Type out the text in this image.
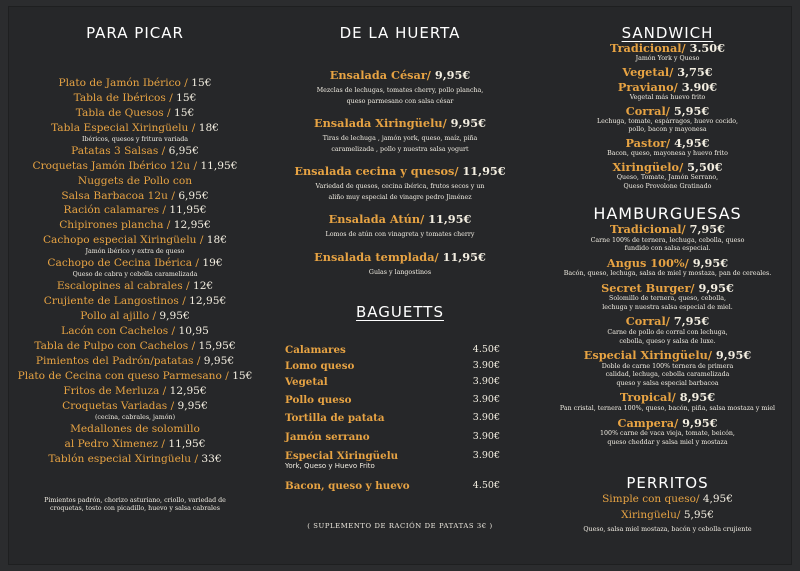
PARA PICAR
Plato de Jamón Ibérico / 15€
Tabla de Ibéricos / 15€
Tabla de Quesos / 15€
Tabla Especial Xiringüelu / 18€
Ibéricos, quesos y fritura variada
Patatas 3 Salsas / 6,95€
Croquetas Jamón Ibérico 12u / 11,95€
Nuggets de Pollo con
Salsa Barbacoa 12u / 6,95€
Ración calamares / 11,95€
Chipirones plancha / 12,95€
Cachopo especial Xiringüelu / 18€
Jamón ibérico y extra de queso
Cachopo de Cecina Ibérica / 19€
Queso de cabra y cebolla caramelizada
Escalopines al cabrales / 12€
Crujiente de Langostinos / 12,95€
Pollo al ajillo / 9,95€
Lacón con Cachelos / 10,95
Tabla de Pulpo con Cachelos / 15,95€
Pimientos del Padrón/patatas / 9,95€
Plato de Cecina con queso Parmesano / 15€
Fritos de Merluza / 12,95€
Croquetas Variadas / 9,95€
(cecina, cabrales, jamón)
Medallones de solomillo
al Pedro Ximenez / 11,95€
Tablón especial Xiringüelu / 33€
Pimientos padrón, chorizo asturiano, criollo, variedad de
croquetas, tosto con picadillo, huevo y salsa cabrales
DE LA HUERTA
Ensalada César/ 9,95€
Mezclas de lechugas, tomates cherry, pollo plancha,
queso parmesano con salsa césar
Ensalada Xiringüelu/ 9,95€
Tiras de lechuga , jamón york, queso, maíz, piña
caramelizada , pollo y nuestra salsa yogurt
Ensalada cecina y quesos/ 11,95€
Variedad de quesos, cecina ibérica, frutos secos y un
aliño muy especial de vinagre pedro Jiménez
Ensalada Atún/ 11,95€
Lomos de atún con vinagreta y tomates cherry
Ensalada templada/ 11,95€
Gulas y langostinos
BAGUETTS
Calamares	4.50€
Lomo queso	3.90€
Vegetal	3.90€
Pollo queso	3.90€
Tortilla de patata	3.90€
Jamón serrano	3.90€
Especial Xiringüelu	3.90€
York, Queso y Huevo Frito
Bacon, queso y huevo	4.50€
( SUPLEMENTO DE RACIÓN DE PATATAS 3€ )
SANDWICH
Tradicional/ 3.50€
Jamón York y Queso
Vegetal/ 3,75€
Praviano/ 3.90€
Vegetal más huevo frito
Corral/ 5,95€
Lechuga, tomate, espárragos, huevo cocido,
pollo, bacon y mayonesa
Pastor/ 4,95€
Bacon, queso, mayonesa y huevo frito
Xiringüelo/ 5,50€
Queso, Tomate, Jamón Serrano,
Queso Provolone Gratinado
HAMBURGUESAS
Tradicional/ 7,95€
Carne 100% de ternera, lechuga, cebolla, queso
fundido con salsa especial.
Angus 100%/ 9,95€
Bacón, queso, lechuga, salsa de miel y mostaza, pan de cereales.
Secret Burger/ 9,95€
Solomillo de ternera, queso, cebolla,
lechuga y nuestra salsa especial de miel.
Corral/ 7,95€
Carne de pollo de corral con lechuga,
cebolla, queso y salsa de luxe.
Especial Xiringüelu/ 9,95€
Doble de carne 100% ternera de primera
calidad, lechuga, cebolla caramelizada
queso y salsa especial barbacoa
Tropical/ 8,95€
Pan cristal, ternera 100%, queso, bacón, piña, salsa mostaza y miel
Campera/ 9,95€
100% carne de vaca vieja, tomate, beicón,
queso cheddar y salsa miel y mostaza
PERRITOS
Simple con queso/ 4,95€
Xiringüelu/ 5,95€
Queso, salsa miel mostaza, bacón y cebolla crujiente
